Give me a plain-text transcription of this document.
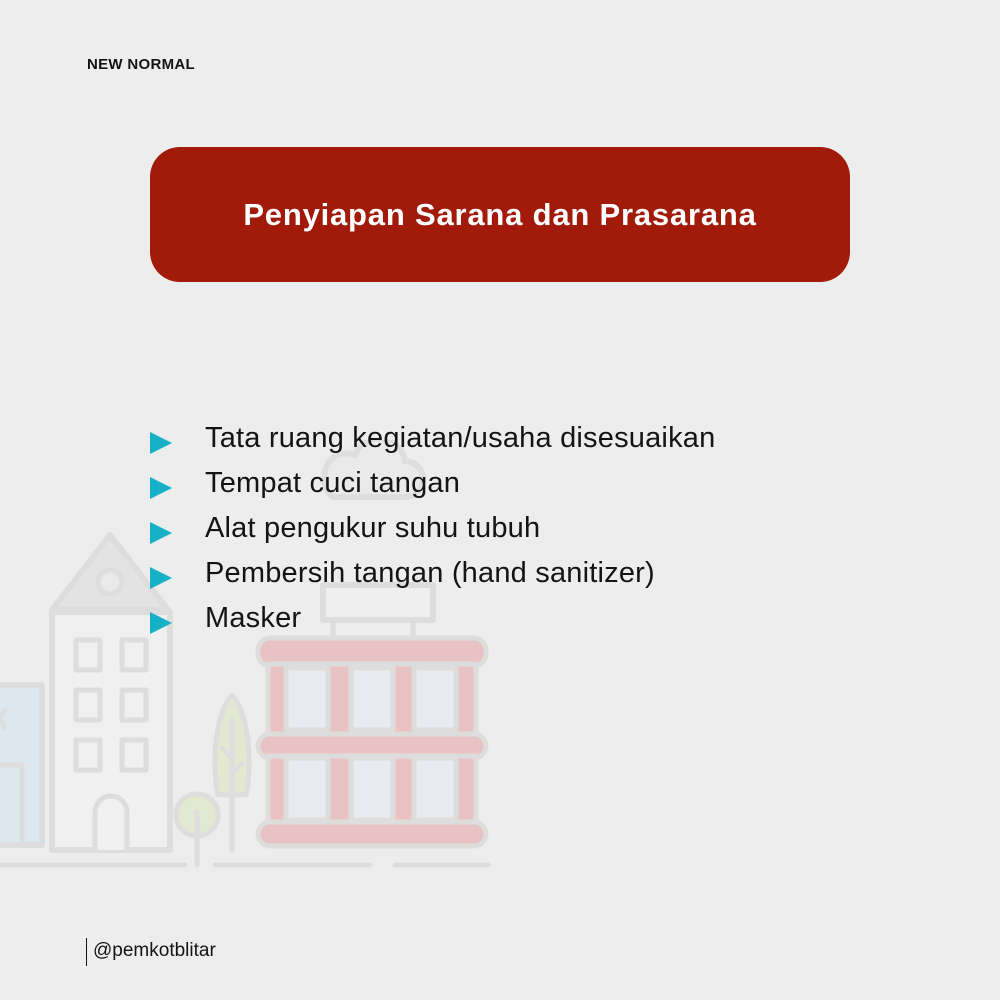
NEW NORMAL
Penyiapan Sarana dan Prasarana
Tata ruang kegiatan/usaha disesuaikan
Tempat cuci tangan
Alat pengukur suhu tubuh
Pembersih tangan (hand sanitizer)
Masker
@pemkotblitar
